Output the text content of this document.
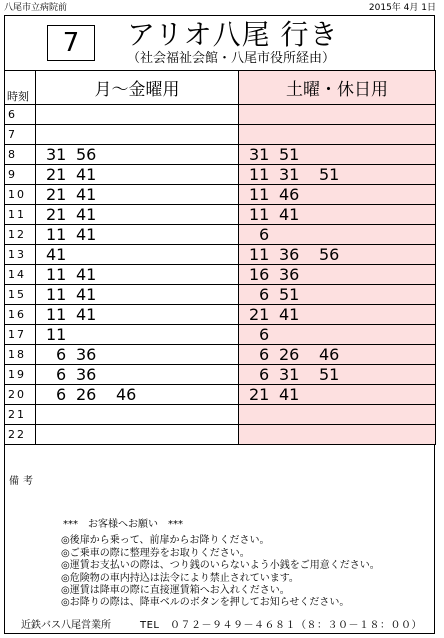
八尾市立病院前	2015年 4月 1日
7	アリオ八尾 行き
（社会福祉会館・八尾市役所経由）
時刻	月～金曜用	土曜・休日用
6	

7	

8	31 56	31 51

9	21 41	11 31 51

10	21 41	11 46

11	21 41	11 41

12	11 41	6

13	41	11 36 56

14	11 41	16 36

15	11 41	6 51

16	11 41	21 41

17	11	6

18	6 36	6 26 46

19	6 36	6 31 51

20	6 26 46	21 41

21	

22	

備考
***　お客様へお願い　***
◎後扉から乗って、前扉からお降りください。
◎ご乗車の際に整理券をお取りください。
◎運賃お支払いの際は、つり銭のいらないよう小銭をご用意ください。
◎危険物の車内持込は法令により禁止されています。
◎運賃は降車の際に直接運賃箱へお入れください。
◎お降りの際は、降車ベルのボタンを押してお知らせください。
近鉄バス八尾営業所	TEL　０７２－９４９－４６８１（８：３０－１８：００）
